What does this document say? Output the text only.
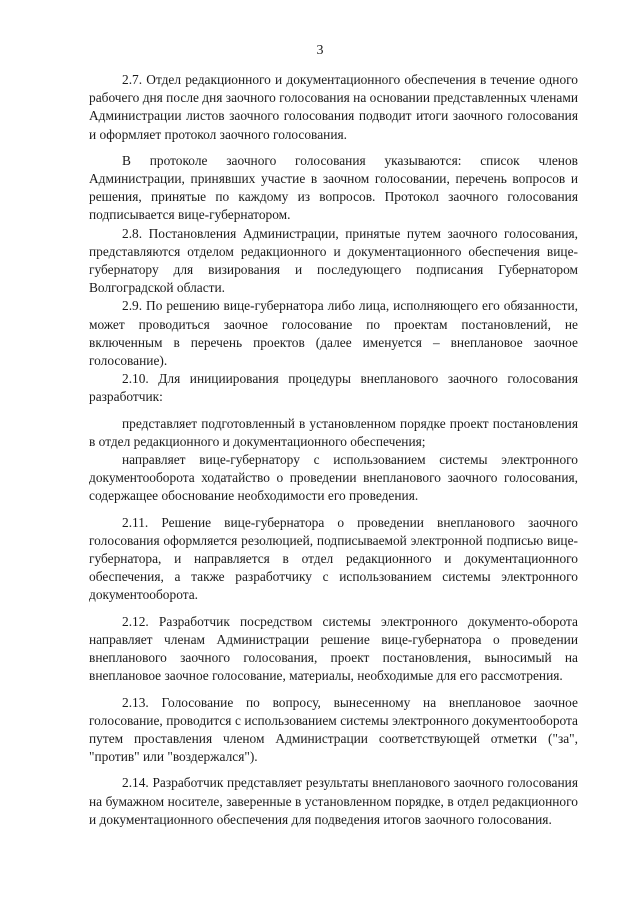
3

2.7. Отдел редакционного и документационного обеспечения в течение одного рабочего дня после дня заочного голосования на основании представленных членами Администрации листов заочного голосования подводит итоги заочного голосования и оформляет протокол заочного голосования.

В протоколе заочного голосования указываются: список членов Администрации, принявших участие в заочном голосовании, перечень вопросов и решения, принятые по каждому из вопросов. Протокол заочного голосования подписывается вице-губернатором.

2.8. Постановления Администрации, принятые путем заочного голосования, представляются отделом редакционного и документационного обеспечения вице-губернатору для визирования и последующего подписания Губернатором Волгоградской области.

2.9. По решению вице-губернатора либо лица, исполняющего его обязанности, может проводиться заочное голосование по проектам постановлений, не включенным в перечень проектов (далее именуется – внеплановое заочное голосование).

2.10. Для инициирования процедуры внепланового заочного голосования разработчик:

представляет подготовленный в установленном порядке проект постановления в отдел редакционного и документационного обеспечения;

направляет вице-губернатору с использованием системы электронного документооборота ходатайство о проведении внепланового заочного голосования, содержащее обоснование необходимости его проведения.

2.11. Решение вице-губернатора о проведении внепланового заочного голосования оформляется резолюцией, подписываемой электронной подписью вице-губернатора, и направляется в отдел редакционного и документационного обеспечения, а также разработчику с использованием системы электронного документооборота.

2.12. Разработчик посредством системы электронного документо-оборота направляет членам Администрации решение вице-губернатора о проведении внепланового заочного голосования, проект постановления, выносимый на внеплановое заочное голосование, материалы, необходимые для его рассмотрения.

2.13. Голосование по вопросу, вынесенному на внеплановое заочное голосование, проводится с использованием системы электронного документооборота путем проставления членом Администрации соответствующей отметки ("за", "против" или "воздержался").

2.14. Разработчик представляет результаты внепланового заочного голосования на бумажном носителе, заверенные в установленном порядке, в отдел редакционного и документационного обеспечения для подведения итогов заочного голосования.
